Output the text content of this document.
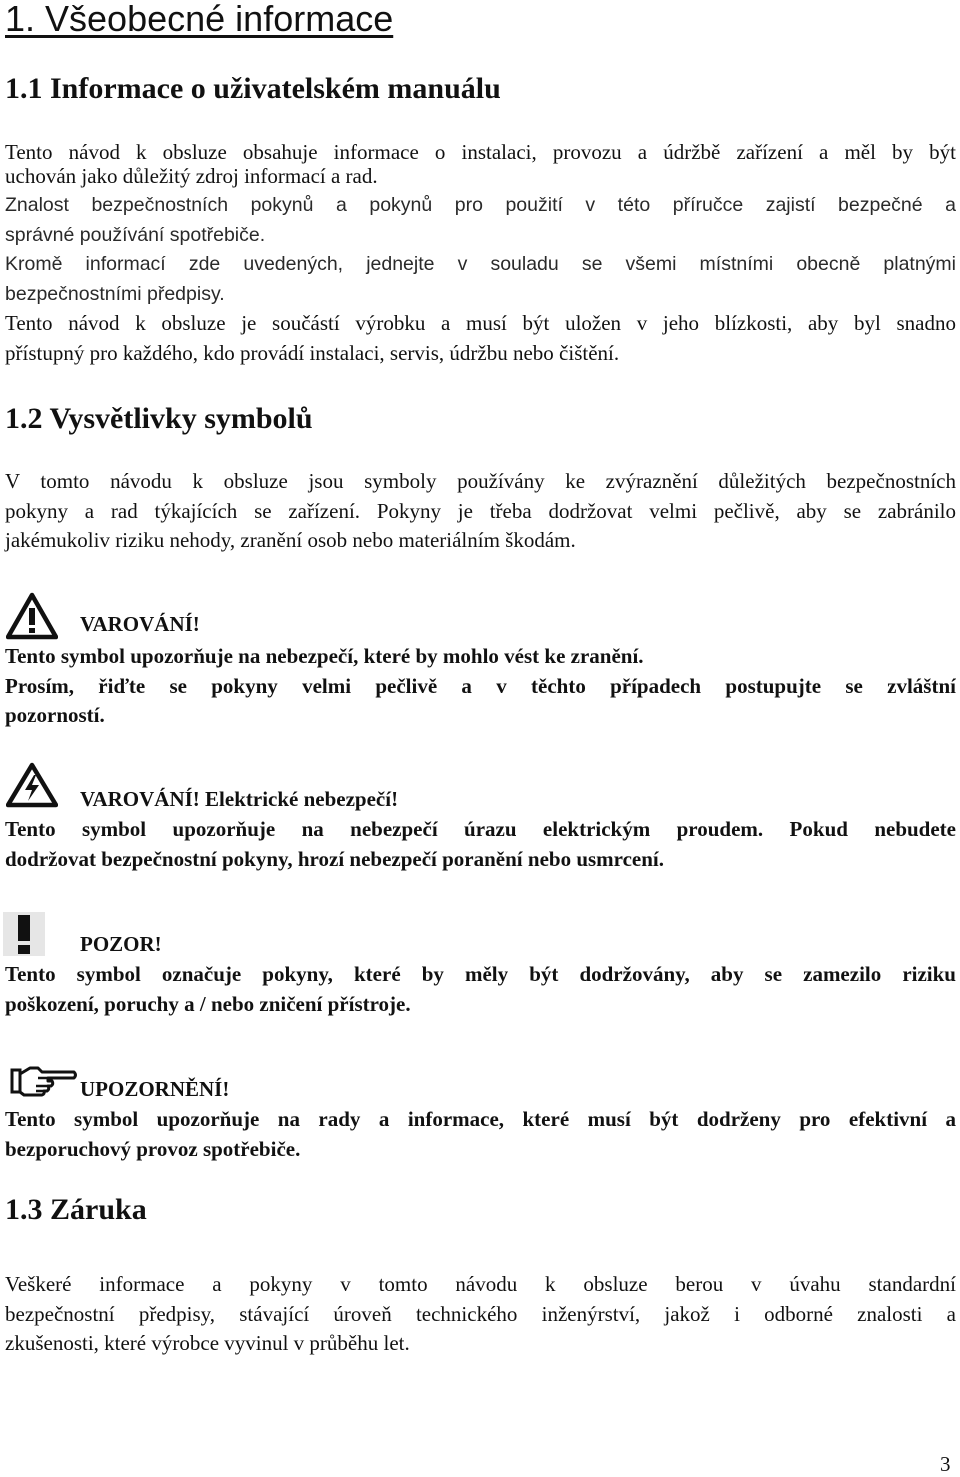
1. Všeobecné informace
1.1 Informace o uživatelském manuálu
Tento návod k obsluze obsahuje informace o instalaci, provozu a údržbě zařízení a měl by být
uchován jako důležitý zdroj informací a rad.
Znalost bezpečnostních pokynů a pokynů pro použití v této příručce zajistí bezpečné a
správné používání spotřebiče.
Kromě informací zde uvedených, jednejte v souladu se všemi místními obecně platnými
bezpečnostními předpisy.
Tento návod k obsluze je součástí výrobku a musí být uložen v jeho blízkosti, aby byl snadno
přístupný pro každého, kdo provádí instalaci, servis, údržbu nebo čištění.
1.2 Vysvětlivky symbolů
V tomto návodu k obsluze jsou symboly používány ke zvýraznění důležitých bezpečnostních
pokyny a rad týkajících se zařízení. Pokyny je třeba dodržovat velmi pečlivě, aby se zabránilo
jakémukoliv riziku nehody, zranění osob nebo materiálním škodám.
VAROVÁNÍ!
Tento symbol upozorňuje na nebezpečí, které by mohlo vést ke zranění.
Prosím, řiďte se pokyny velmi pečlivě a v těchto případech postupujte se zvláštní
pozorností.
VAROVÁNÍ! Elektrické nebezpečí!
Tento symbol upozorňuje na nebezpečí úrazu elektrickým proudem. Pokud nebudete
dodržovat bezpečnostní pokyny, hrozí nebezpečí poranění nebo usmrcení.
POZOR!
Tento symbol označuje pokyny, které by měly být dodržovány, aby se zamezilo riziku
poškození, poruchy a / nebo zničení přístroje.
UPOZORNĚNÍ!
Tento symbol upozorňuje na rady a informace, které musí být dodrženy pro efektivní a
bezporuchový provoz spotřebiče.
1.3 Záruka
Veškeré informace a pokyny v tomto návodu k obsluze berou v úvahu standardní
bezpečnostní předpisy, stávající úroveň technického inženýrství, jakož i odborné znalosti a
zkušenosti, které výrobce vyvinul v průběhu let.
3
